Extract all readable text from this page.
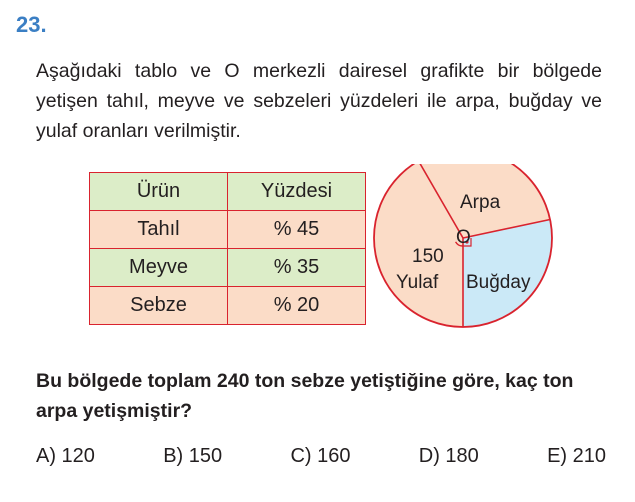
23.
Aşağıdaki tablo ve O merkezli dairesel grafikte bir bölgede yetişen tahıl, meyve ve sebzeleri yüzdeleri ile arpa, buğday ve yulaf oranları verilmiştir.
Ürün	Yüzdesi
Tahıl	% 45
Meyve	% 35
Sebze	% 20
O
150
Arpa
Yulaf Buğday
Bu bölgede toplam 240 ton sebze yetiştiğine göre, kaç ton arpa yetişmiştir?
A) 120	B) 150	C) 160	D) 180	E) 210
